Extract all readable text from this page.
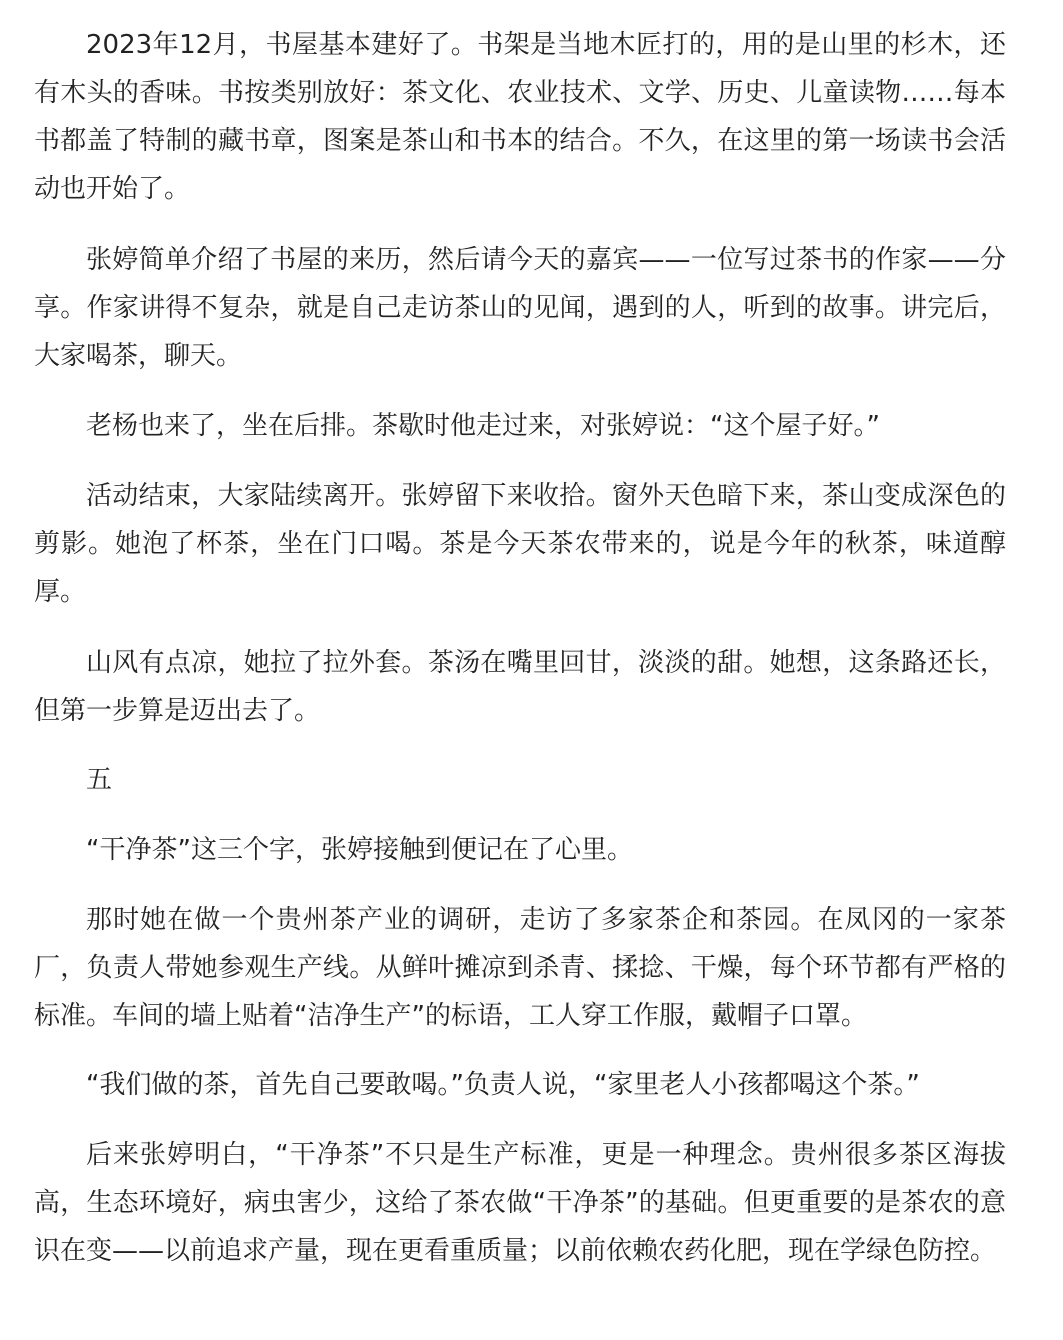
2023年12月，书屋基本建好了。书架是当地木匠打的，用的是山里的杉木，还有木头的香味。书按类别放好：茶文化、农业技术、文学、历史、儿童读物……每本书都盖了特制的藏书章，图案是茶山和书本的结合。不久，在这里的第一场读书会活动也开始了。

张婷简单介绍了书屋的来历，然后请今天的嘉宾——一位写过茶书的作家——分享。作家讲得不复杂，就是自己走访茶山的见闻，遇到的人，听到的故事。讲完后，大家喝茶，聊天。

老杨也来了，坐在后排。茶歇时他走过来，对张婷说：“这个屋子好。”

活动结束，大家陆续离开。张婷留下来收拾。窗外天色暗下来，茶山变成深色的剪影。她泡了杯茶，坐在门口喝。茶是今天茶农带来的，说是今年的秋茶，味道醇厚。

山风有点凉，她拉了拉外套。茶汤在嘴里回甘，淡淡的甜。她想，这条路还长，但第一步算是迈出去了。

五

“干净茶”这三个字，张婷接触到便记在了心里。

那时她在做一个贵州茶产业的调研，走访了多家茶企和茶园。在凤冈的一家茶厂，负责人带她参观生产线。从鲜叶摊凉到杀青、揉捻、干燥，每个环节都有严格的标准。车间的墙上贴着“洁净生产”的标语，工人穿工作服，戴帽子口罩。

“我们做的茶，首先自己要敢喝。”负责人说，“家里老人小孩都喝这个茶。”

后来张婷明白，“干净茶”不只是生产标准，更是一种理念。贵州很多茶区海拔高，生态环境好，病虫害少，这给了茶农做“干净茶”的基础。但更重要的是茶农的意识在变——以前追求产量，现在更看重质量；以前依赖农药化肥，现在学绿色防控。
